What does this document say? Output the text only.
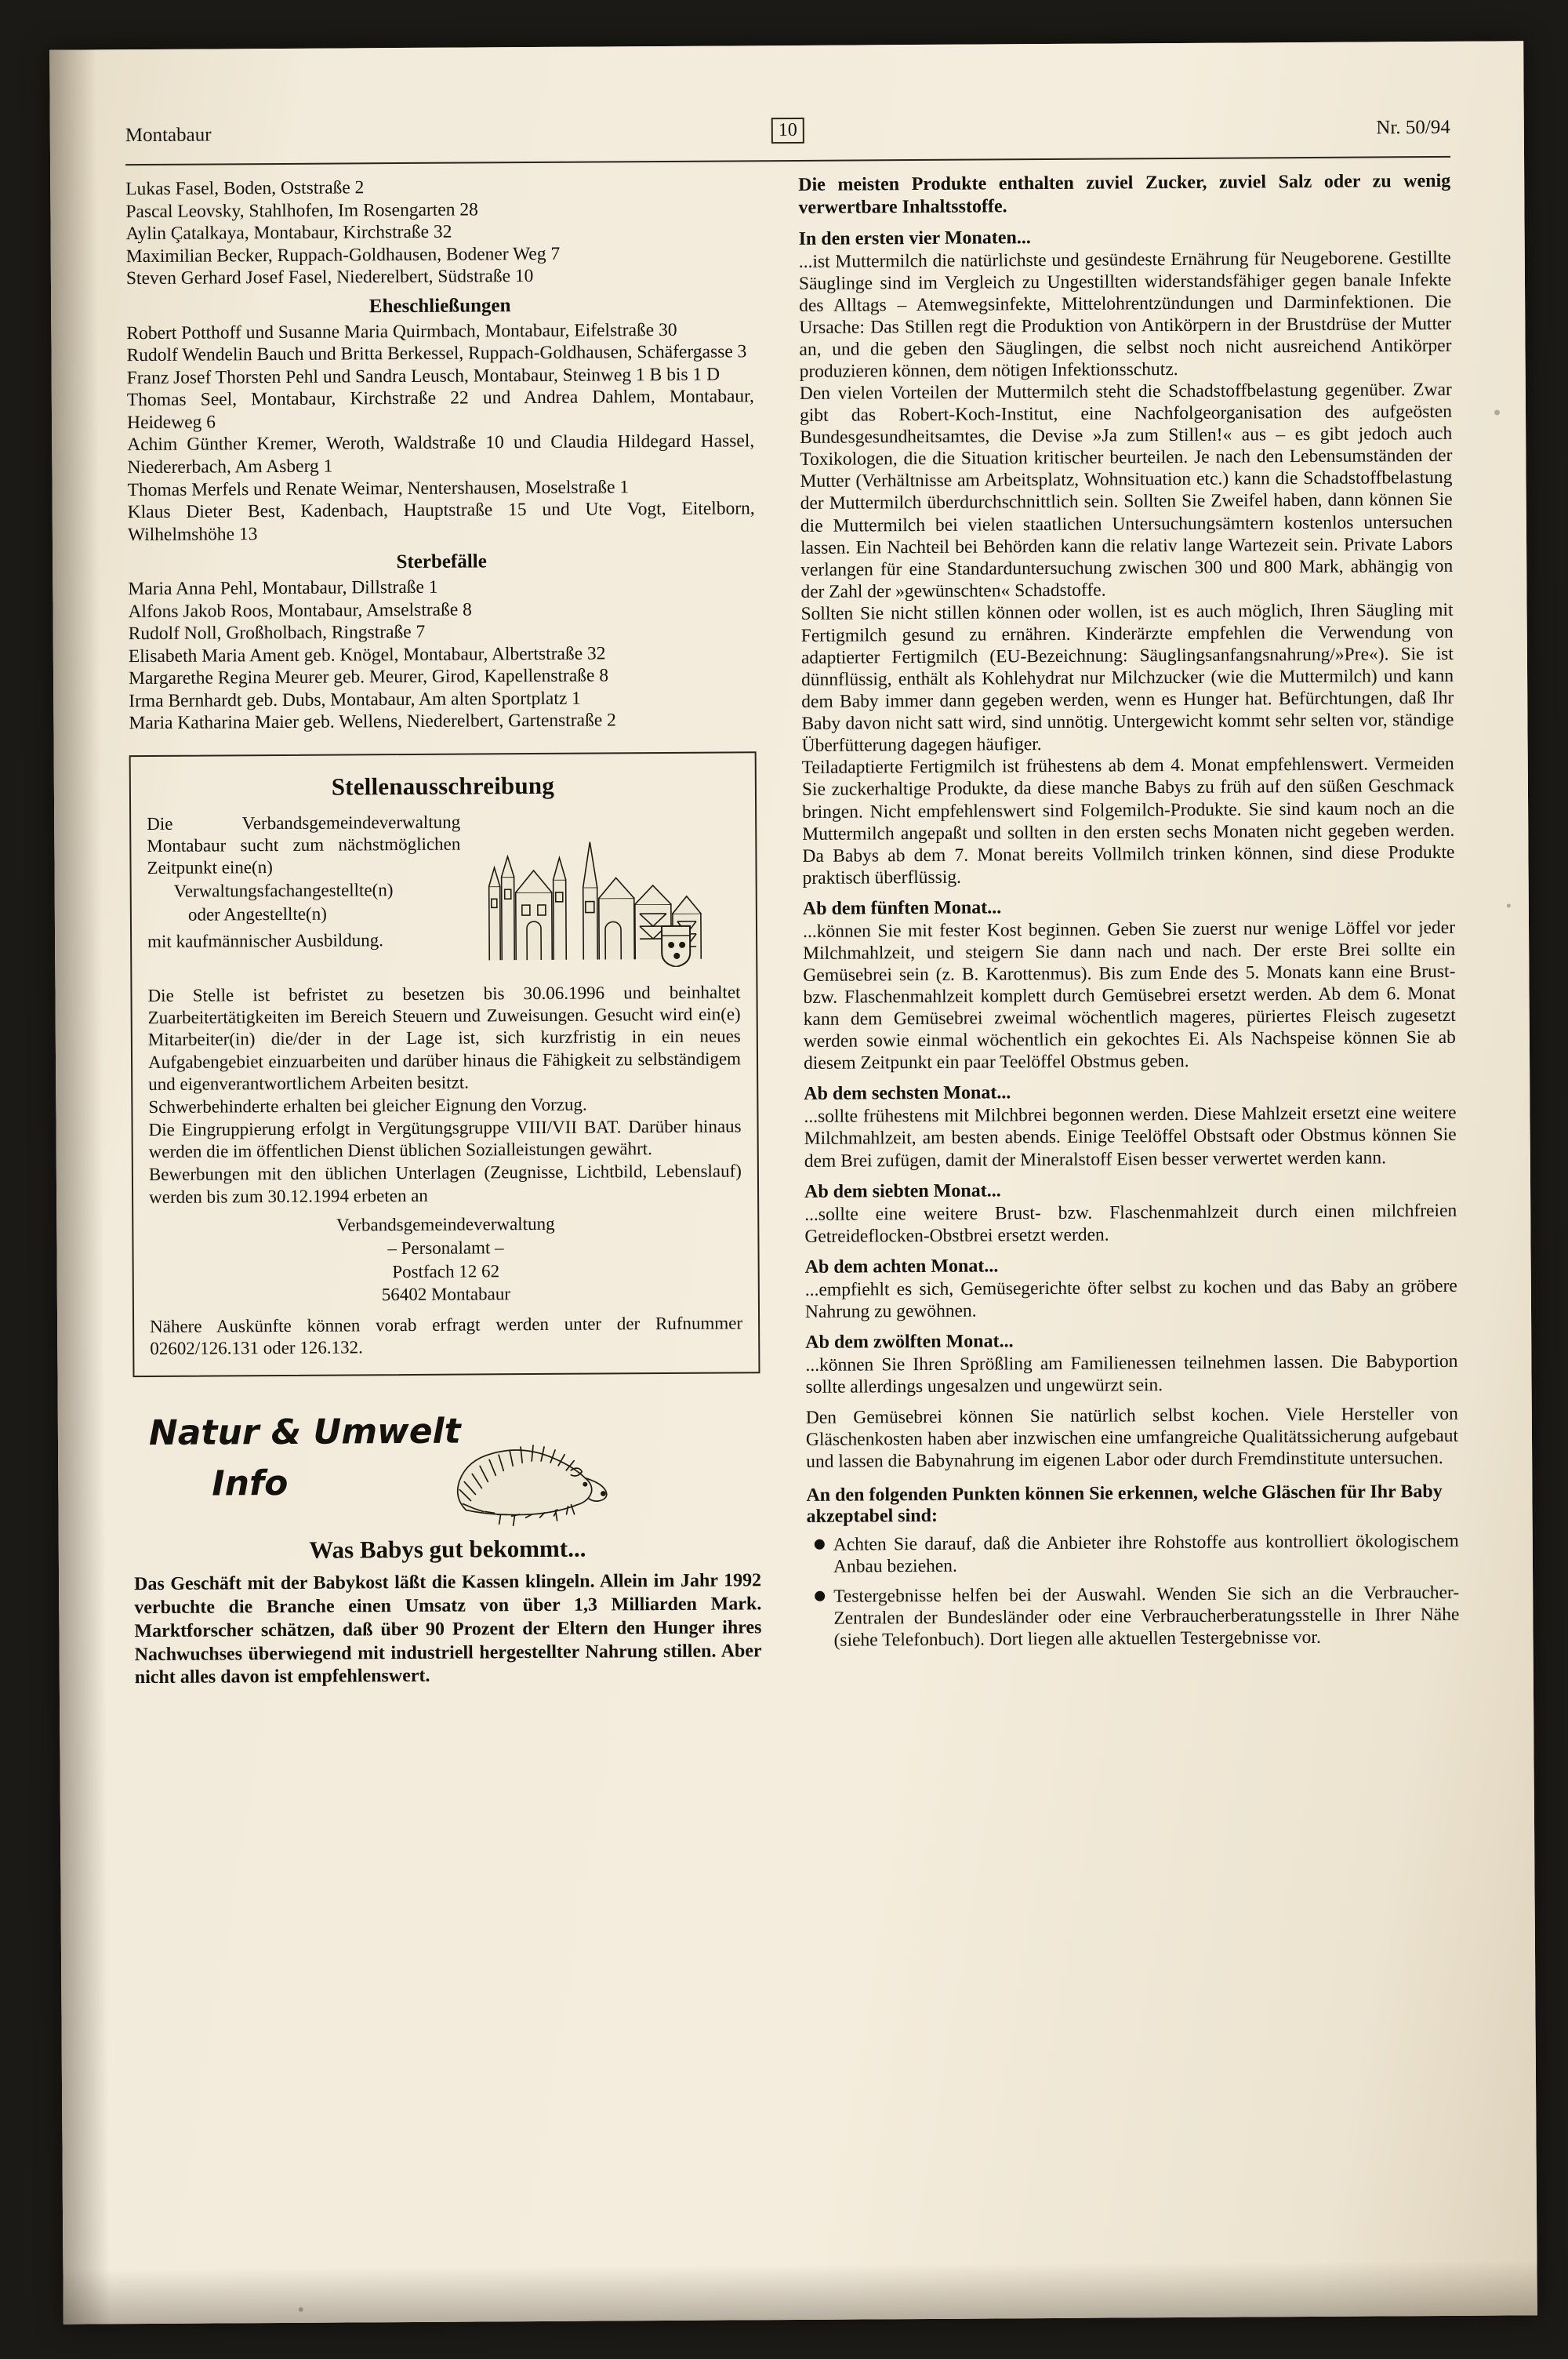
Montabaur	10	Nr. 50/94
Lukas Fasel, Boden, Oststraße 2
Pascal Leovsky, Stahlhofen, Im Rosengarten 28
Aylin Çatalkaya, Montabaur, Kirchstraße 32
Maximilian Becker, Ruppach-Goldhausen, Bodener Weg 7
Steven Gerhard Josef Fasel, Niederelbert, Südstraße 10
Eheschließungen
Robert Potthoff und Susanne Maria Quirmbach, Montabaur, Eifelstraße 30
Rudolf Wendelin Bauch und Britta Berkessel, Ruppach-Goldhausen, Schäfergasse 3
Franz Josef Thorsten Pehl und Sandra Leusch, Montabaur, Steinweg 1 B bis 1 D
Thomas Seel, Montabaur, Kirchstraße 22 und Andrea Dahlem, Montabaur, Heideweg 6
Achim Günther Kremer, Weroth, Waldstraße 10 und Claudia Hildegard Hassel, Niedererbach, Am Asberg 1
Thomas Merfels und Renate Weimar, Nentershausen, Moselstraße 1
Klaus Dieter Best, Kadenbach, Hauptstraße 15 und Ute Vogt, Eitelborn, Wilhelmshöhe 13
Sterbefälle
Maria Anna Pehl, Montabaur, Dillstraße 1
Alfons Jakob Roos, Montabaur, Amselstraße 8
Rudolf Noll, Großholbach, Ringstraße 7
Elisabeth Maria Ament geb. Knögel, Montabaur, Albertstraße 32
Margarethe Regina Meurer geb. Meurer, Girod, Kapellenstraße 8
Irma Bernhardt geb. Dubs, Montabaur, Am alten Sportplatz 1
Maria Katharina Maier geb. Wellens, Niederelbert, Gartenstraße 2
Stellenausschreibung
Die Verbandsgemeindeverwaltung Montabaur sucht zum nächstmöglichen Zeitpunkt eine(n)
Verwaltungsfachangestellte(n)
oder Angestellte(n)
mit kaufmännischer Ausbildung.

Die Stelle ist befristet zu besetzen bis 30.06.1996 und beinhaltet Zuarbeitertätigkeiten im Bereich Steuern und Zuweisungen. Gesucht wird ein(e) Mitarbeiter(in) die/der in der Lage ist, sich kurzfristig in ein neues Aufgabengebiet einzuarbeiten und darüber hinaus die Fähigkeit zu selbständigem und eigenverantwortlichem Arbeiten besitzt.

Schwerbehinderte erhalten bei gleicher Eignung den Vorzug.

Die Eingruppierung erfolgt in Vergütungsgruppe VIII/VII BAT. Darüber hinaus werden die im öffentlichen Dienst üblichen Sozialleistungen gewährt.

Bewerbungen mit den üblichen Unterlagen (Zeugnisse, Lichtbild, Lebenslauf) werden bis zum 30.12.1994 erbeten an

Verbandsgemeindeverwaltung
– Personalamt –
Postfach 12 62
56402 Montabaur
Nähere Auskünfte können vorab erfragt werden unter der Rufnummer 02602/126.131 oder 126.132.
Natur & Umwelt
Info
Was Babys gut bekommt...
Das Geschäft mit der Babykost läßt die Kassen klingeln. Allein im Jahr 1992 verbuchte die Branche einen Umsatz von über 1,3 Milliarden Mark. Marktforscher schätzen, daß über 90 Prozent der Eltern den Hunger ihres Nachwuchses überwiegend mit industriell hergestellter Nahrung stillen. Aber nicht alles davon ist empfehlenswert.
Die meisten Produkte enthalten zuviel Zucker, zuviel Salz oder zu wenig verwertbare Inhaltsstoffe.
In den ersten vier Monaten...

...ist Muttermilch die natürlichste und gesündeste Ernährung für Neugeborene. Gestillte Säuglinge sind im Vergleich zu Ungestillten widerstandsfähiger gegen banale Infekte des Alltags – Atemwegsinfekte, Mittelohrentzündungen und Darminfektionen. Die Ursache: Das Stillen regt die Produktion von Antikörpern in der Brustdrüse der Mutter an, und die geben den Säuglingen, die selbst noch nicht ausreichend Antikörper produzieren können, dem nötigen Infektionsschutz.

Den vielen Vorteilen der Muttermilch steht die Schadstoffbelastung gegenüber. Zwar gibt das Robert-Koch-Institut, eine Nachfolgeorganisation des aufgeösten Bundesgesundheitsamtes, die Devise »Ja zum Stillen!« aus – es gibt jedoch auch Toxikologen, die die Situation kritischer beurteilen. Je nach den Lebensumständen der Mutter (Verhältnisse am Arbeitsplatz, Wohnsituation etc.) kann die Schadstoffbelastung der Muttermilch überdurchschnittlich sein. Sollten Sie Zweifel haben, dann können Sie die Muttermilch bei vielen staatlichen Untersuchungsämtern kostenlos untersuchen lassen. Ein Nachteil bei Behörden kann die relativ lange Wartezeit sein. Private Labors verlangen für eine Standarduntersuchung zwischen 300 und 800 Mark, abhängig von der Zahl der »gewünschten« Schadstoffe.

Sollten Sie nicht stillen können oder wollen, ist es auch möglich, Ihren Säugling mit Fertigmilch gesund zu ernähren. Kinderärzte empfehlen die Verwendung von adaptierter Fertigmilch (EU-Bezeichnung: Säuglingsanfangsnahrung/»Pre«). Sie ist dünnflüssig, enthält als Kohlehydrat nur Milchzucker (wie die Muttermilch) und kann dem Baby immer dann gegeben werden, wenn es Hunger hat. Befürchtungen, daß Ihr Baby davon nicht satt wird, sind unnötig. Untergewicht kommt sehr selten vor, ständige Überfütterung dagegen häufiger.

Teiladaptierte Fertigmilch ist frühestens ab dem 4. Monat empfehlenswert. Vermeiden Sie zuckerhaltige Produkte, da diese manche Babys zu früh auf den süßen Geschmack bringen. Nicht empfehlenswert sind Folgemilch-Produkte. Sie sind kaum noch an die Muttermilch angepaßt und sollten in den ersten sechs Monaten nicht gegeben werden. Da Babys ab dem 7. Monat bereits Vollmilch trinken können, sind diese Produkte praktisch überflüssig.

Ab dem fünften Monat...

...können Sie mit fester Kost beginnen. Geben Sie zuerst nur wenige Löffel vor jeder Milchmahlzeit, und steigern Sie dann nach und nach. Der erste Brei sollte ein Gemüsebrei sein (z. B. Karottenmus). Bis zum Ende des 5. Monats kann eine Brust- bzw. Flaschenmahlzeit komplett durch Gemüsebrei ersetzt werden. Ab dem 6. Monat kann dem Gemüsebrei zweimal wöchentlich mageres, püriertes Fleisch zugesetzt werden sowie einmal wöchentlich ein gekochtes Ei. Als Nachspeise können Sie ab diesem Zeitpunkt ein paar Teelöffel Obstmus geben.

Ab dem sechsten Monat...

...sollte frühestens mit Milchbrei begonnen werden. Diese Mahlzeit ersetzt eine weitere Milchmahlzeit, am besten abends. Einige Teelöffel Obstsaft oder Obstmus können Sie dem Brei zufügen, damit der Mineralstoff Eisen besser verwertet werden kann.

Ab dem siebten Monat...

...sollte eine weitere Brust- bzw. Flaschenmahlzeit durch einen milchfreien Getreideflocken-Obstbrei ersetzt werden.

Ab dem achten Monat...

...empfiehlt es sich, Gemüsegerichte öfter selbst zu kochen und das Baby an gröbere Nahrung zu gewöhnen.

Ab dem zwölften Monat...

...können Sie Ihren Sprößling am Familienessen teilnehmen lassen. Die Babyportion sollte allerdings ungesalzen und ungewürzt sein.

Den Gemüsebrei können Sie natürlich selbst kochen. Viele Hersteller von Gläschenkosten haben aber inzwischen eine umfangreiche Qualitätssicherung aufgebaut und lassen die Babynahrung im eigenen Labor oder durch Fremdinstitute untersuchen.

An den folgenden Punkten können Sie erkennen, welche Gläschen für Ihr Baby akzeptabel sind:
Achten Sie darauf, daß die Anbieter ihre Rohstoffe aus kontrolliert ökologischem Anbau beziehen.
Testergebnisse helfen bei der Auswahl. Wenden Sie sich an die Verbraucher-Zentralen der Bundesländer oder eine Verbraucherberatungsstelle in Ihrer Nähe (siehe Telefonbuch). Dort liegen alle aktuellen Testergebnisse vor.
